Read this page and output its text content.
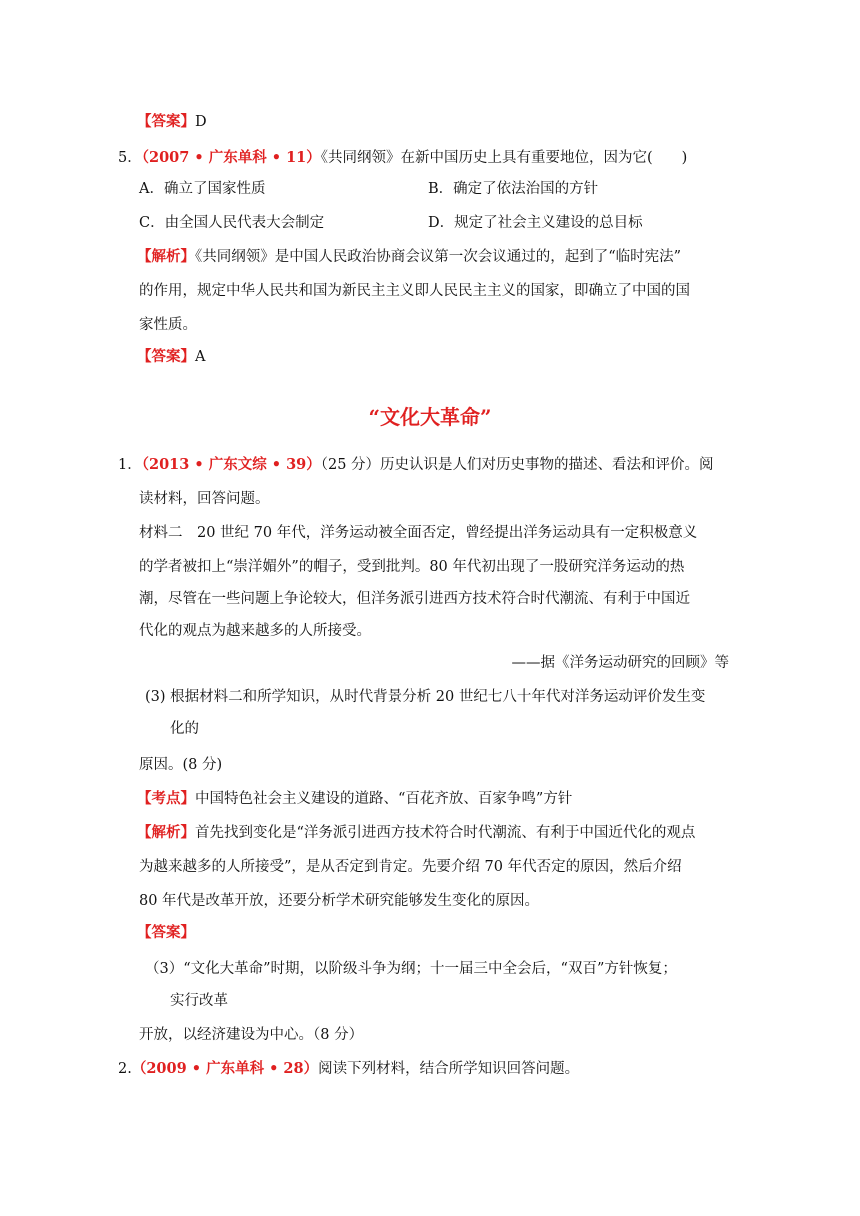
【答案】D
5．（2007 • 广东单科 • 11）《共同纲领》在新中国历史上具有重要地位，因为它(　　)
A．确立了国家性质	B．确定了依法治国的方针
C．由全国人民代表大会制定	D．规定了社会主义建设的总目标
【解析】《共同纲领》是中国人民政治协商会议第一次会议通过的，起到了“临时宪法”
的作用，规定中华人民共和国为新民主主义即人民民主主义的国家，即确立了中国的国
家性质。
【答案】A
“文化大革命”
1．（2013 • 广东文综 • 39）（25 分）历史认识是人们对历史事物的描述、看法和评价。阅
读材料，回答问题。
材料二　20 世纪 70 年代，洋务运动被全面否定，曾经提出洋务运动具有一定积极意义
的学者被扣上“崇洋媚外”的帽子，受到批判。80 年代初出现了一股研究洋务运动的热
潮，尽管在一些问题上争论较大，但洋务派引进西方技术符合时代潮流、有利于中国近
代化的观点为越来越多的人所接受。
——据《洋务运动研究的回顾》等
(3) 根据材料二和所学知识，从时代背景分析 20 世纪七八十年代对洋务运动评价发生变
化的
原因。(8 分)
【考点】中国特色社会主义建设的道路、“百花齐放、百家争鸣”方针
【解析】首先找到变化是“洋务派引进西方技术符合时代潮流、有利于中国近代化的观点
为越来越多的人所接受”，是从否定到肯定。先要介绍 70 年代否定的原因，然后介绍
80 年代是改革开放，还要分析学术研究能够发生变化的原因。
【答案】
（3）“文化大革命”时期，以阶级斗争为纲；十一届三中全会后，“双百”方针恢复；
实行改革
开放，以经济建设为中心。（8 分）
2.（2009 • 广东单科 • 28）阅读下列材料，结合所学知识回答问题。
